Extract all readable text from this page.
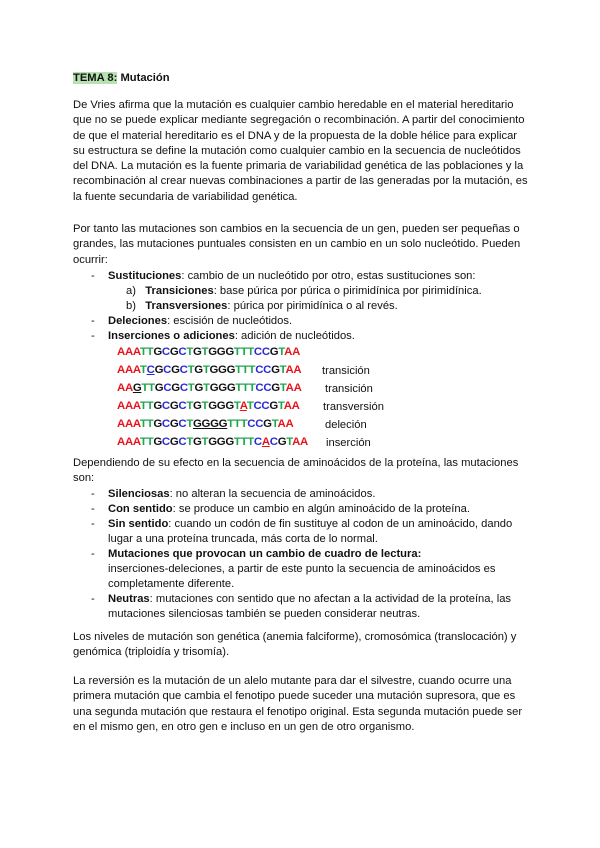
TEMA 8: Mutación
De Vries afirma que la mutación es cualquier cambio heredable en el material hereditario
que no se puede explicar mediante segregación o recombinación. A partir del conocimiento
de que el material hereditario es el DNA y de la propuesta de la doble hélice para explicar
su estructura se define la mutación como cualquier cambio en la secuencia de nucleótidos
del DNA. La mutación es la fuente primaria de variabilidad genética de las poblaciones y la
recombinación al crear nuevas combinaciones a partir de las generadas por la mutación, es
la fuente secundaria de variabilidad genética.
Por tanto las mutaciones son cambios en la secuencia de un gen, pueden ser pequeñas o
grandes, las mutaciones puntuales consisten en un cambio en un solo nucleótido. Pueden
ocurrir:
- Sustituciones: cambio de un nucleótido por otro, estas sustituciones son:
a) Transiciones: base púrica por púrica o pirimidínica por pirimidínica.
b) Transversiones: púrica por pirimidínica o al revés.
- Deleciones: escisión de nucleótidos.
- Inserciones o adiciones: adición de nucleótidos.
AAATTGCGCTGTGGGTTTCCGTAA
AAATCGCGCTGTGGGTTTCCGTAA transición
AAGTTGCGCTGTGGGTTTCCGTAA transición
AAATTGCGCTGTGGGTATCCGTAA transversión
AAATTGCGCTGGGGTTTCCGTAA	deleción
AAATTGCGCTGTGGGTTTCACGTAA inserción
Dependiendo de su efecto en la secuencia de aminoácidos de la proteína, las mutaciones
son:
- Silenciosas: no alteran la secuencia de aminoácidos.
- Con sentido: se produce un cambio en algún aminoácido de la proteína.
- Sin sentido: cuando un codón de fin sustituye al codon de un aminoácido, dando
lugar a una proteína truncada, más corta de lo normal.
- Mutaciones que provocan un cambio de cuadro de lectura:
inserciones-deleciones, a partir de este punto la secuencia de aminoácidos es
completamente diferente.
- Neutras: mutaciones con sentido que no afectan a la actividad de la proteína, las
mutaciones silenciosas también se pueden considerar neutras.
Los niveles de mutación son genética (anemia falciforme), cromosómica (translocación) y
genómica (triploidía y trisomía).
La reversión es la mutación de un alelo mutante para dar el silvestre, cuando ocurre una
primera mutación que cambia el fenotipo puede suceder una mutación supresora, que es
una segunda mutación que restaura el fenotipo original. Esta segunda mutación puede ser
en el mismo gen, en otro gen e incluso en un gen de otro organismo.
